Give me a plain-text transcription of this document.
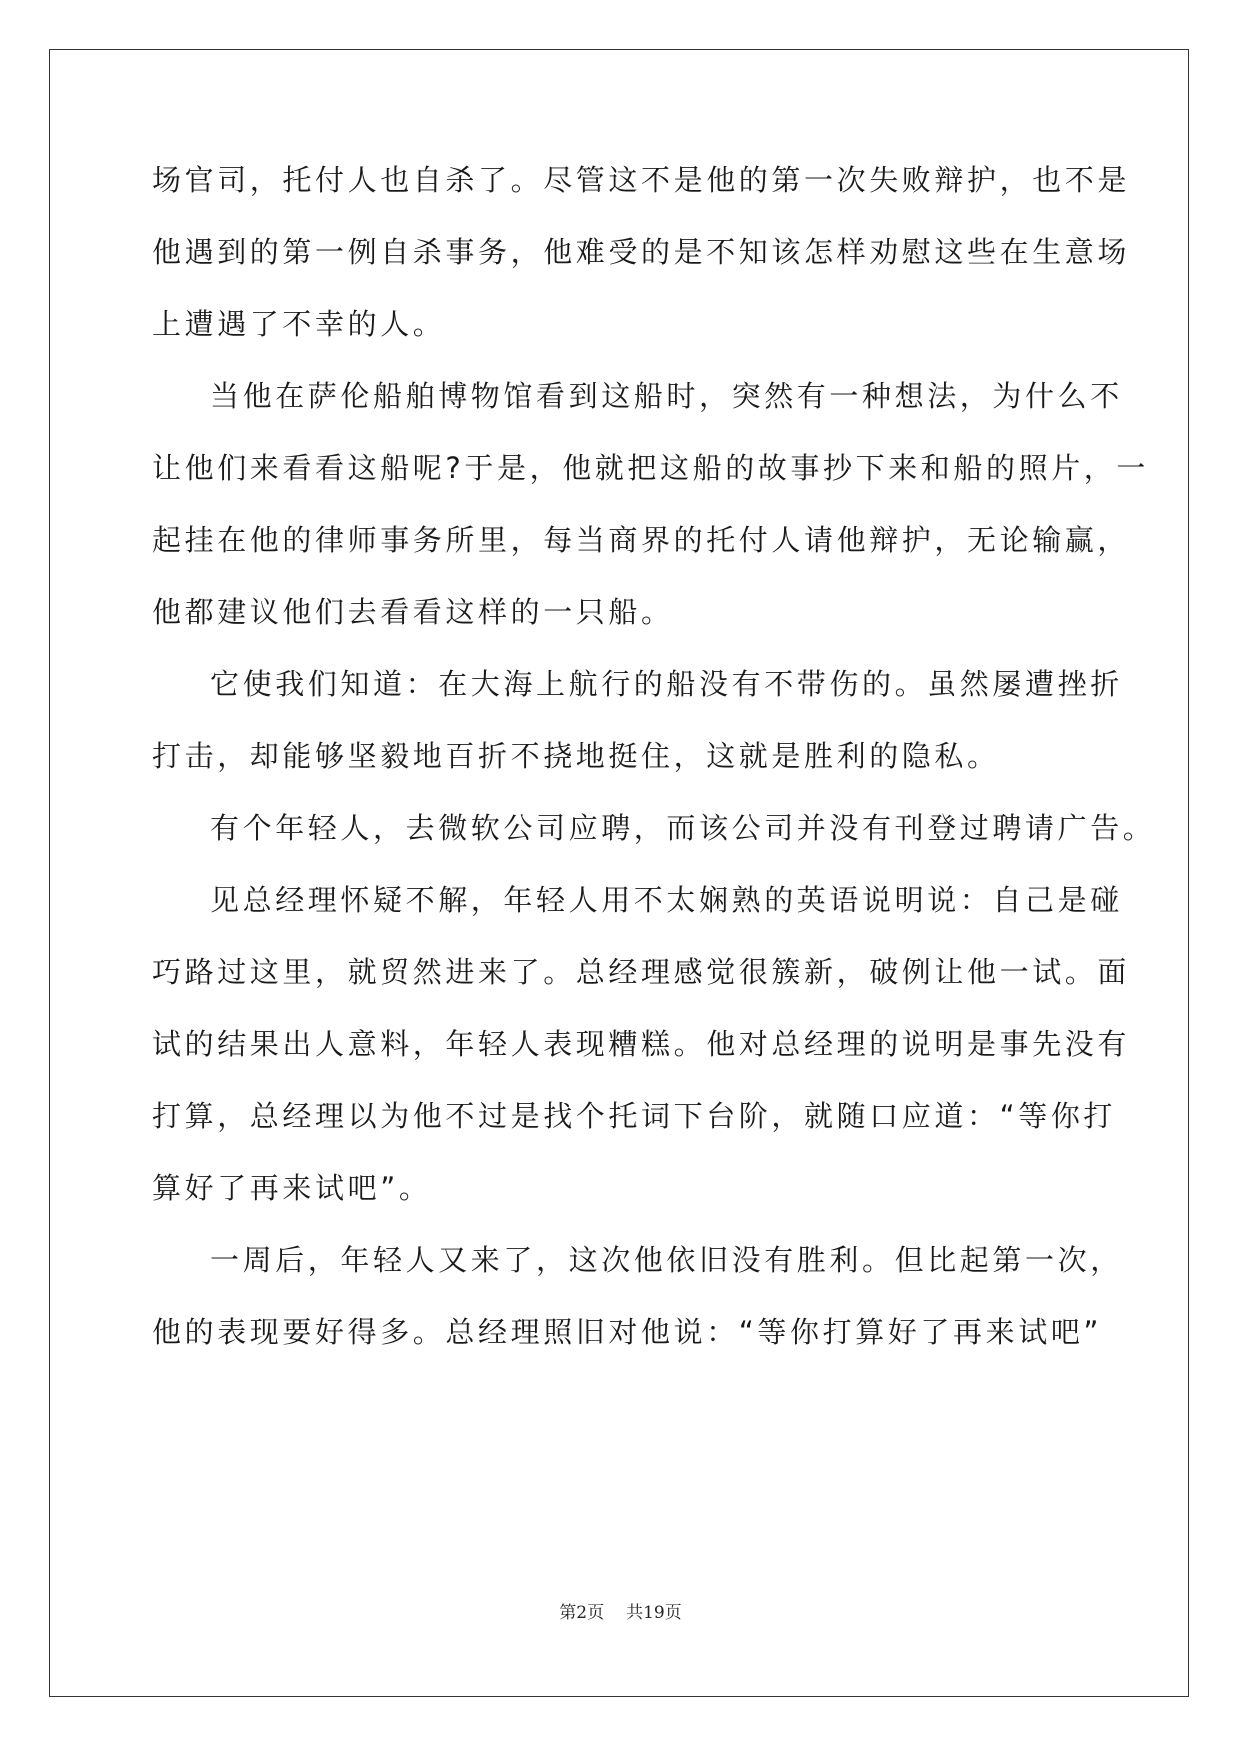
场官司，托付人也自杀了。尽管这不是他的第一次失败辩护，也不是
他遇到的第一例自杀事务，他难受的是不知该怎样劝慰这些在生意场
上遭遇了不幸的人。
当他在萨伦船舶博物馆看到这船时，突然有一种想法，为什么不
让他们来看看这船呢?于是，他就把这船的故事抄下来和船的照片，一
起挂在他的律师事务所里，每当商界的托付人请他辩护，无论输赢，
他都建议他们去看看这样的一只船。
它使我们知道：在大海上航行的船没有不带伤的。虽然屡遭挫折
打击，却能够坚毅地百折不挠地挺住，这就是胜利的隐私。
有个年轻人，去微软公司应聘，而该公司并没有刊登过聘请广告。
见总经理怀疑不解，年轻人用不太娴熟的英语说明说：自己是碰
巧路过这里，就贸然进来了。总经理感觉很簇新，破例让他一试。面
试的结果出人意料，年轻人表现糟糕。他对总经理的说明是事先没有
打算，总经理以为他不过是找个托词下台阶，就随口应道：“等你打
算好了再来试吧”。
一周后，年轻人又来了，这次他依旧没有胜利。但比起第一次，
他的表现要好得多。总经理照旧对他说：“等你打算好了再来试吧”
第2页 共19页
